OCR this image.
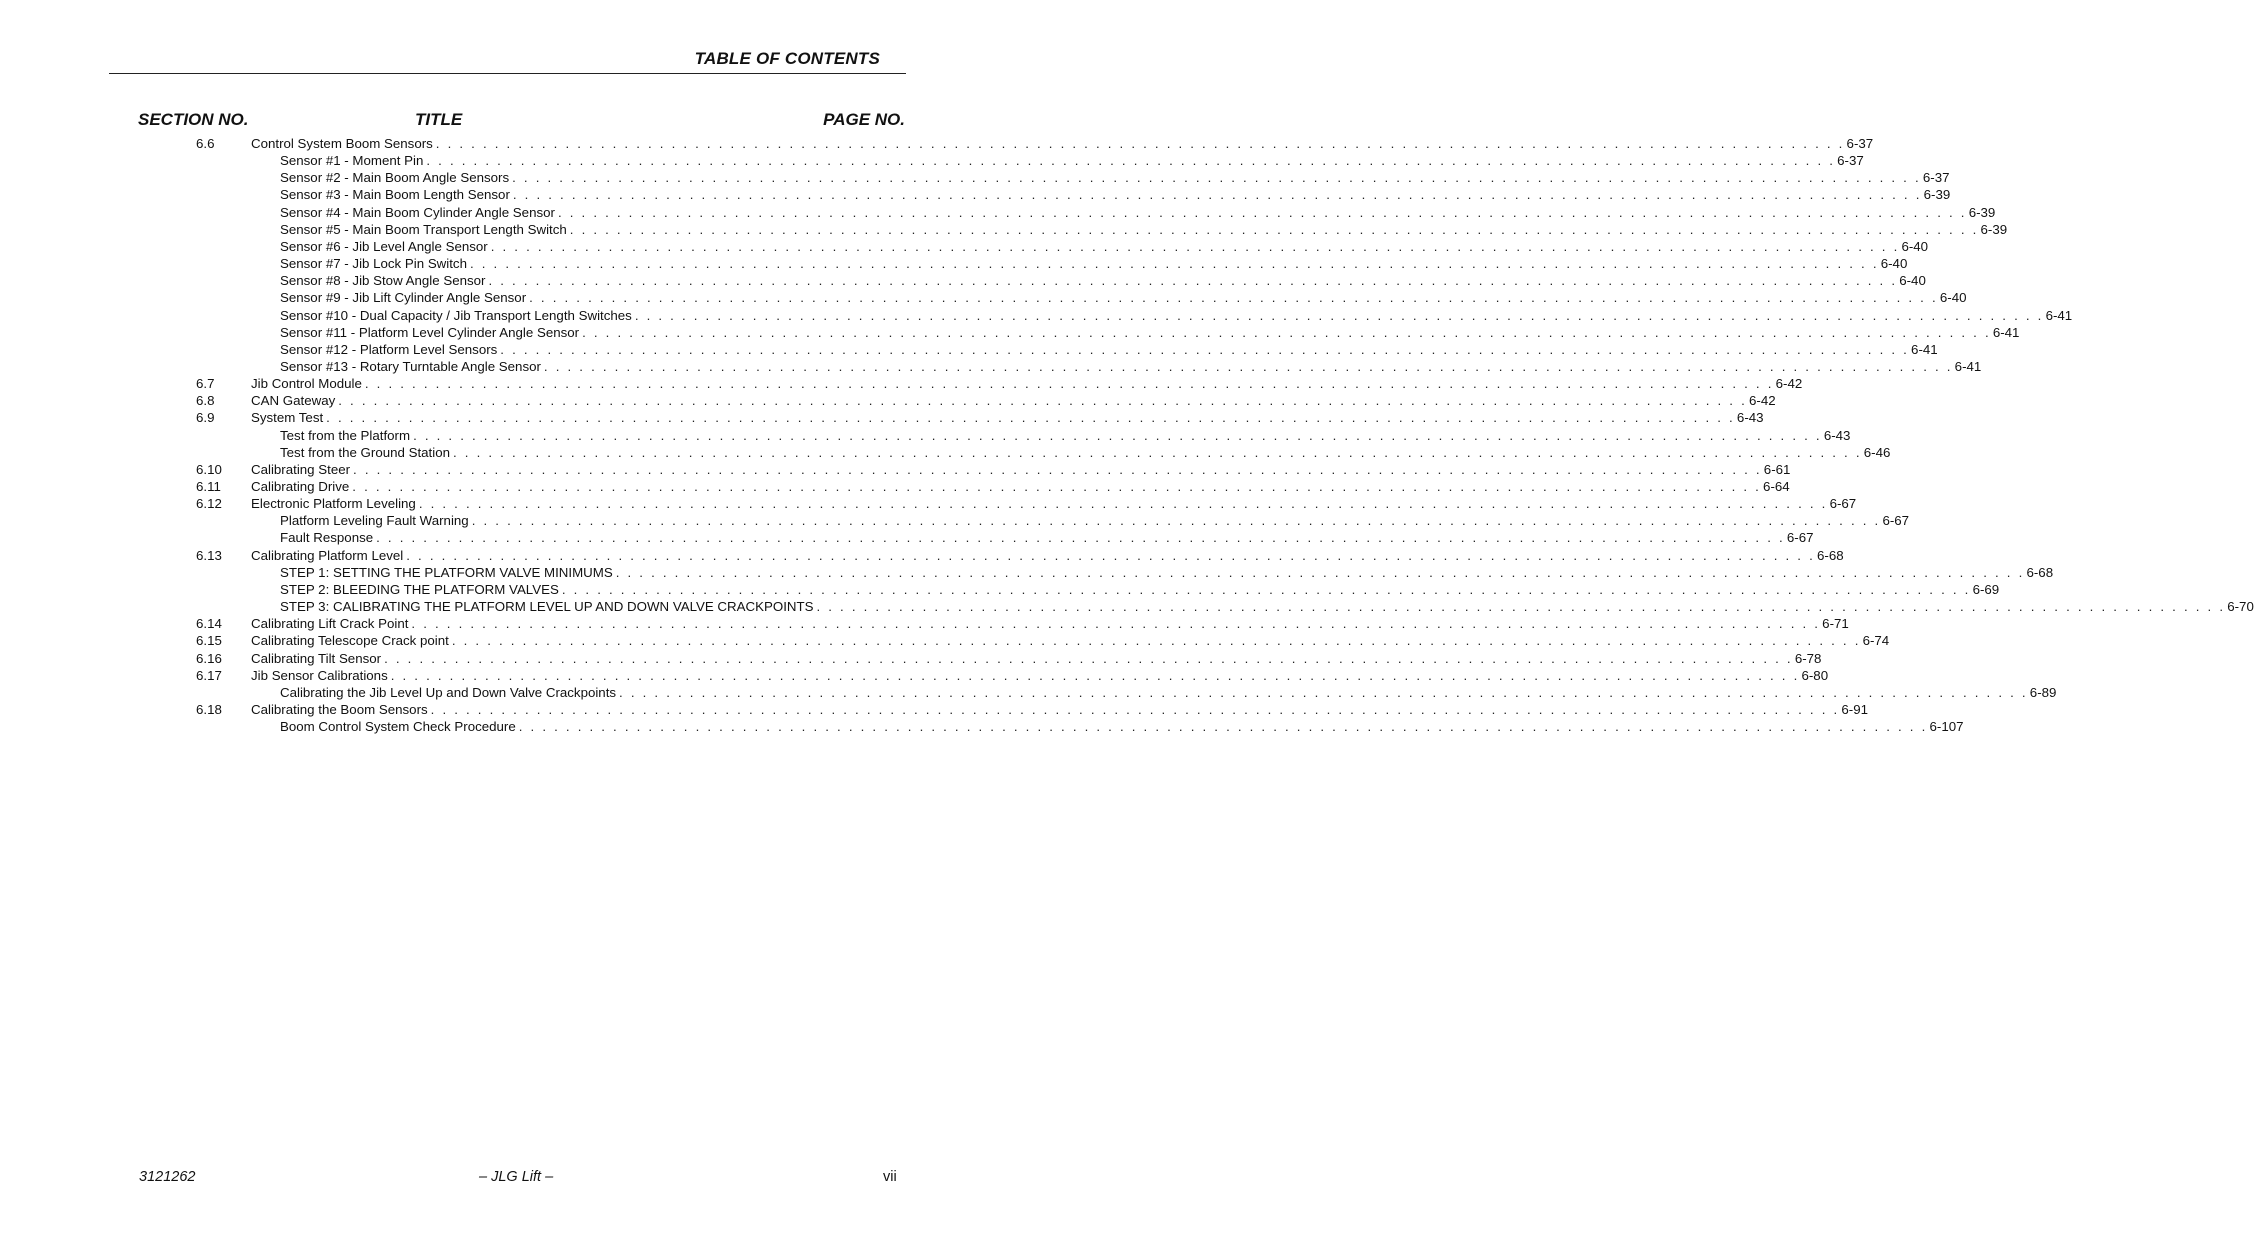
TABLE OF CONTENTS
SECTION NO.	TITLE	PAGE NO.
6.6	Control System Boom Sensors . . . . . . . . . . . . . . . . . . . . . . . . . . . . . . . . . . . . . . . . . . . . . . . . . . . . . . . . . . . . . . . . . . . . . . . . . . . . . . . . . . . . . . . . . . . . . . . . . . . . . . . . . . . . . . . . . . . . . . . . 6-37
Sensor #1 - Moment Pin . . . . . . . . . . . . . . . . . . . . . . . . . . . . . . . . . . . . . . . . . . . . . . . . . . . . . . . . . . . . . . . . . . . . . . . . . . . . . . . . . . . . . . . . . . . . . . . . . . . . . . . . . . . . . . . . . . . . . . . . 6-37
Sensor #2 - Main Boom Angle Sensors . . . . . . . . . . . . . . . . . . . . . . . . . . . . . . . . . . . . . . . . . . . . . . . . . . . . . . . . . . . . . . . . . . . . . . . . . . . . . . . . . . . . . . . . . . . . . . . . . . . . . . . . . . . . . . . . . . . . . . . . 6-37
Sensor #3 - Main Boom Length Sensor . . . . . . . . . . . . . . . . . . . . . . . . . . . . . . . . . . . . . . . . . . . . . . . . . . . . . . . . . . . . . . . . . . . . . . . . . . . . . . . . . . . . . . . . . . . . . . . . . . . . . . . . . . . . . . . . . . . . . . . . 6-39
Sensor #4 - Main Boom Cylinder Angle Sensor . . . . . . . . . . . . . . . . . . . . . . . . . . . . . . . . . . . . . . . . . . . . . . . . . . . . . . . . . . . . . . . . . . . . . . . . . . . . . . . . . . . . . . . . . . . . . . . . . . . . . . . . . . . . . . . . . . . . . . . . 6-39
Sensor #5 - Main Boom Transport Length Switch . . . . . . . . . . . . . . . . . . . . . . . . . . . . . . . . . . . . . . . . . . . . . . . . . . . . . . . . . . . . . . . . . . . . . . . . . . . . . . . . . . . . . . . . . . . . . . . . . . . . . . . . . . . . . . . . . . . . . . . . 6-39
Sensor #6 - Jib Level Angle Sensor . . . . . . . . . . . . . . . . . . . . . . . . . . . . . . . . . . . . . . . . . . . . . . . . . . . . . . . . . . . . . . . . . . . . . . . . . . . . . . . . . . . . . . . . . . . . . . . . . . . . . . . . . . . . . . . . . . . . . . . . 6-40
Sensor #7 - Jib Lock Pin Switch . . . . . . . . . . . . . . . . . . . . . . . . . . . . . . . . . . . . . . . . . . . . . . . . . . . . . . . . . . . . . . . . . . . . . . . . . . . . . . . . . . . . . . . . . . . . . . . . . . . . . . . . . . . . . . . . . . . . . . . . 6-40
Sensor #8 - Jib Stow Angle Sensor . . . . . . . . . . . . . . . . . . . . . . . . . . . . . . . . . . . . . . . . . . . . . . . . . . . . . . . . . . . . . . . . . . . . . . . . . . . . . . . . . . . . . . . . . . . . . . . . . . . . . . . . . . . . . . . . . . . . . . . . 6-40
Sensor #9 - Jib Lift Cylinder Angle Sensor . . . . . . . . . . . . . . . . . . . . . . . . . . . . . . . . . . . . . . . . . . . . . . . . . . . . . . . . . . . . . . . . . . . . . . . . . . . . . . . . . . . . . . . . . . . . . . . . . . . . . . . . . . . . . . . . . . . . . . . . 6-40
Sensor #10 - Dual Capacity / Jib Transport Length Switches . . . . . . . . . . . . . . . . . . . . . . . . . . . . . . . . . . . . . . . . . . . . . . . . . . . . . . . . . . . . . . . . . . . . . . . . . . . . . . . . . . . . . . . . . . . . . . . . . . . . . . . . . . . . . . . . . . . . . . . . 6-41
Sensor #11 - Platform Level Cylinder Angle Sensor . . . . . . . . . . . . . . . . . . . . . . . . . . . . . . . . . . . . . . . . . . . . . . . . . . . . . . . . . . . . . . . . . . . . . . . . . . . . . . . . . . . . . . . . . . . . . . . . . . . . . . . . . . . . . . . . . . . . . . . . 6-41
Sensor #12 - Platform Level Sensors . . . . . . . . . . . . . . . . . . . . . . . . . . . . . . . . . . . . . . . . . . . . . . . . . . . . . . . . . . . . . . . . . . . . . . . . . . . . . . . . . . . . . . . . . . . . . . . . . . . . . . . . . . . . . . . . . . . . . . . . 6-41
Sensor #13 - Rotary Turntable Angle Sensor . . . . . . . . . . . . . . . . . . . . . . . . . . . . . . . . . . . . . . . . . . . . . . . . . . . . . . . . . . . . . . . . . . . . . . . . . . . . . . . . . . . . . . . . . . . . . . . . . . . . . . . . . . . . . . . . . . . . . . . . 6-41
6.7	Jib Control Module . . . . . . . . . . . . . . . . . . . . . . . . . . . . . . . . . . . . . . . . . . . . . . . . . . . . . . . . . . . . . . . . . . . . . . . . . . . . . . . . . . . . . . . . . . . . . . . . . . . . . . . . . . . . . . . . . . . . . . . . 6-42
6.8	CAN Gateway . . . . . . . . . . . . . . . . . . . . . . . . . . . . . . . . . . . . . . . . . . . . . . . . . . . . . . . . . . . . . . . . . . . . . . . . . . . . . . . . . . . . . . . . . . . . . . . . . . . . . . . . . . . . . . . . . . . . . . . . 6-42
6.9	System Test . . . . . . . . . . . . . . . . . . . . . . . . . . . . . . . . . . . . . . . . . . . . . . . . . . . . . . . . . . . . . . . . . . . . . . . . . . . . . . . . . . . . . . . . . . . . . . . . . . . . . . . . . . . . . . . . . . . . . . . . 6-43
Test from the Platform . . . . . . . . . . . . . . . . . . . . . . . . . . . . . . . . . . . . . . . . . . . . . . . . . . . . . . . . . . . . . . . . . . . . . . . . . . . . . . . . . . . . . . . . . . . . . . . . . . . . . . . . . . . . . . . . . . . . . . . . 6-43
Test from the Ground Station . . . . . . . . . . . . . . . . . . . . . . . . . . . . . . . . . . . . . . . . . . . . . . . . . . . . . . . . . . . . . . . . . . . . . . . . . . . . . . . . . . . . . . . . . . . . . . . . . . . . . . . . . . . . . . . . . . . . . . . . 6-46
6.10 Calibrating Steer . . . . . . . . . . . . . . . . . . . . . . . . . . . . . . . . . . . . . . . . . . . . . . . . . . . . . . . . . . . . . . . . . . . . . . . . . . . . . . . . . . . . . . . . . . . . . . . . . . . . . . . . . . . . . . . . . . . . . . . . 6-61
6.11 Calibrating Drive . . . . . . . . . . . . . . . . . . . . . . . . . . . . . . . . . . . . . . . . . . . . . . . . . . . . . . . . . . . . . . . . . . . . . . . . . . . . . . . . . . . . . . . . . . . . . . . . . . . . . . . . . . . . . . . . . . . . . . . . 6-64
6.12 Electronic Platform Leveling . . . . . . . . . . . . . . . . . . . . . . . . . . . . . . . . . . . . . . . . . . . . . . . . . . . . . . . . . . . . . . . . . . . . . . . . . . . . . . . . . . . . . . . . . . . . . . . . . . . . . . . . . . . . . . . . . . . . . . . . 6-67
Platform Leveling Fault Warning . . . . . . . . . . . . . . . . . . . . . . . . . . . . . . . . . . . . . . . . . . . . . . . . . . . . . . . . . . . . . . . . . . . . . . . . . . . . . . . . . . . . . . . . . . . . . . . . . . . . . . . . . . . . . . . . . . . . . . . . 6-67
Fault Response . . . . . . . . . . . . . . . . . . . . . . . . . . . . . . . . . . . . . . . . . . . . . . . . . . . . . . . . . . . . . . . . . . . . . . . . . . . . . . . . . . . . . . . . . . . . . . . . . . . . . . . . . . . . . . . . . . . . . . . . 6-67
6.13 Calibrating Platform Level . . . . . . . . . . . . . . . . . . . . . . . . . . . . . . . . . . . . . . . . . . . . . . . . . . . . . . . . . . . . . . . . . . . . . . . . . . . . . . . . . . . . . . . . . . . . . . . . . . . . . . . . . . . . . . . . . . . . . . . . 6-68
STEP 1: SETTING THE PLATFORM VALVE MINIMUMS . . . . . . . . . . . . . . . . . . . . . . . . . . . . . . . . . . . . . . . . . . . . . . . . . . . . . . . . . . . . . . . . . . . . . . . . . . . . . . . . . . . . . . . . . . . . . . . . . . . . . . . . . . . . . . . . . . . . . . . . 6-68
STEP 2: BLEEDING THE PLATFORM VALVES . . . . . . . . . . . . . . . . . . . . . . . . . . . . . . . . . . . . . . . . . . . . . . . . . . . . . . . . . . . . . . . . . . . . . . . . . . . . . . . . . . . . . . . . . . . . . . . . . . . . . . . . . . . . . . . . . . . . . . . . 6-69
STEP 3: CALIBRATING THE PLATFORM LEVEL UP AND DOWN VALVE CRACKPOINTS . . . . . . . . . . . . . . . . . . . . . . . . . . . . . . . . . . . . . . . . . . . . . . . . . . . . . . . . . . . . . . . . . . . . . . . . . . . . . . . . . . . . . . . . . . . . . . . . . . . . . . . . . . . . . . . . . . . . . . . . 6-70
6.14 Calibrating Lift Crack Point . . . . . . . . . . . . . . . . . . . . . . . . . . . . . . . . . . . . . . . . . . . . . . . . . . . . . . . . . . . . . . . . . . . . . . . . . . . . . . . . . . . . . . . . . . . . . . . . . . . . . . . . . . . . . . . . . . . . . . . . 6-71
6.15 Calibrating Telescope Crack point . . . . . . . . . . . . . . . . . . . . . . . . . . . . . . . . . . . . . . . . . . . . . . . . . . . . . . . . . . . . . . . . . . . . . . . . . . . . . . . . . . . . . . . . . . . . . . . . . . . . . . . . . . . . . . . . . . . . . . . . 6-74
6.16 Calibrating Tilt Sensor . . . . . . . . . . . . . . . . . . . . . . . . . . . . . . . . . . . . . . . . . . . . . . . . . . . . . . . . . . . . . . . . . . . . . . . . . . . . . . . . . . . . . . . . . . . . . . . . . . . . . . . . . . . . . . . . . . . . . . . . 6-78
6.17 Jib Sensor Calibrations . . . . . . . . . . . . . . . . . . . . . . . . . . . . . . . . . . . . . . . . . . . . . . . . . . . . . . . . . . . . . . . . . . . . . . . . . . . . . . . . . . . . . . . . . . . . . . . . . . . . . . . . . . . . . . . . . . . . . . . . 6-80
Calibrating the Jib Level Up and Down Valve Crackpoints . . . . . . . . . . . . . . . . . . . . . . . . . . . . . . . . . . . . . . . . . . . . . . . . . . . . . . . . . . . . . . . . . . . . . . . . . . . . . . . . . . . . . . . . . . . . . . . . . . . . . . . . . . . . . . . . . . . . . . . . 6-89
6.18 Calibrating the Boom Sensors . . . . . . . . . . . . . . . . . . . . . . . . . . . . . . . . . . . . . . . . . . . . . . . . . . . . . . . . . . . . . . . . . . . . . . . . . . . . . . . . . . . . . . . . . . . . . . . . . . . . . . . . . . . . . . . . . . . . . . . . 6-91
Boom Control System Check Procedure . . . . . . . . . . . . . . . . . . . . . . . . . . . . . . . . . . . . . . . . . . . . . . . . . . . . . . . . . . . . . . . . . . . . . . . . . . . . . . . . . . . . . . . . . . . . . . . . . . . . . . . . . . . . . . . . . . . . . . . . 6-107
3121262	– JLG Lift –	vii
